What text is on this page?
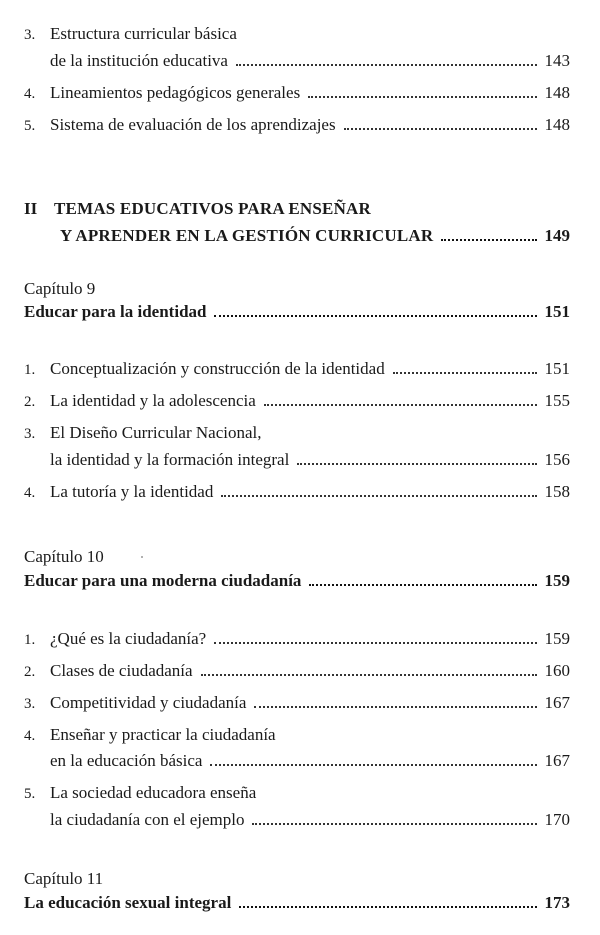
3. Estructura curricular básica
de la institución educativa	143
4. Lineamientos pedagógicos generales	148
5. Sistema de evaluación de los aprendizajes	148
II TEMAS EDUCATIVOS PARA ENSEÑAR
Y APRENDER EN LA GESTIÓN CURRICULAR	149
Capítulo 9
Educar para la identidad	151
1. Conceptualización y construcción de la identidad	151
2. La identidad y la adolescencia	155
3. El Diseño Curricular Nacional,
la identidad y la formación integral	156
4. La tutoría y la identidad	158
Capítulo 10
Educar para una moderna ciudadanía	159
1. ¿Qué es la ciudadanía?	159
2. Clases de ciudadanía	160
3. Competitividad y ciudadanía	167
4. Enseñar y practicar la ciudadanía
en la educación básica	167
5. La sociedad educadora enseña
la ciudadanía con el ejemplo	170
Capítulo 11
La educación sexual integral	173
